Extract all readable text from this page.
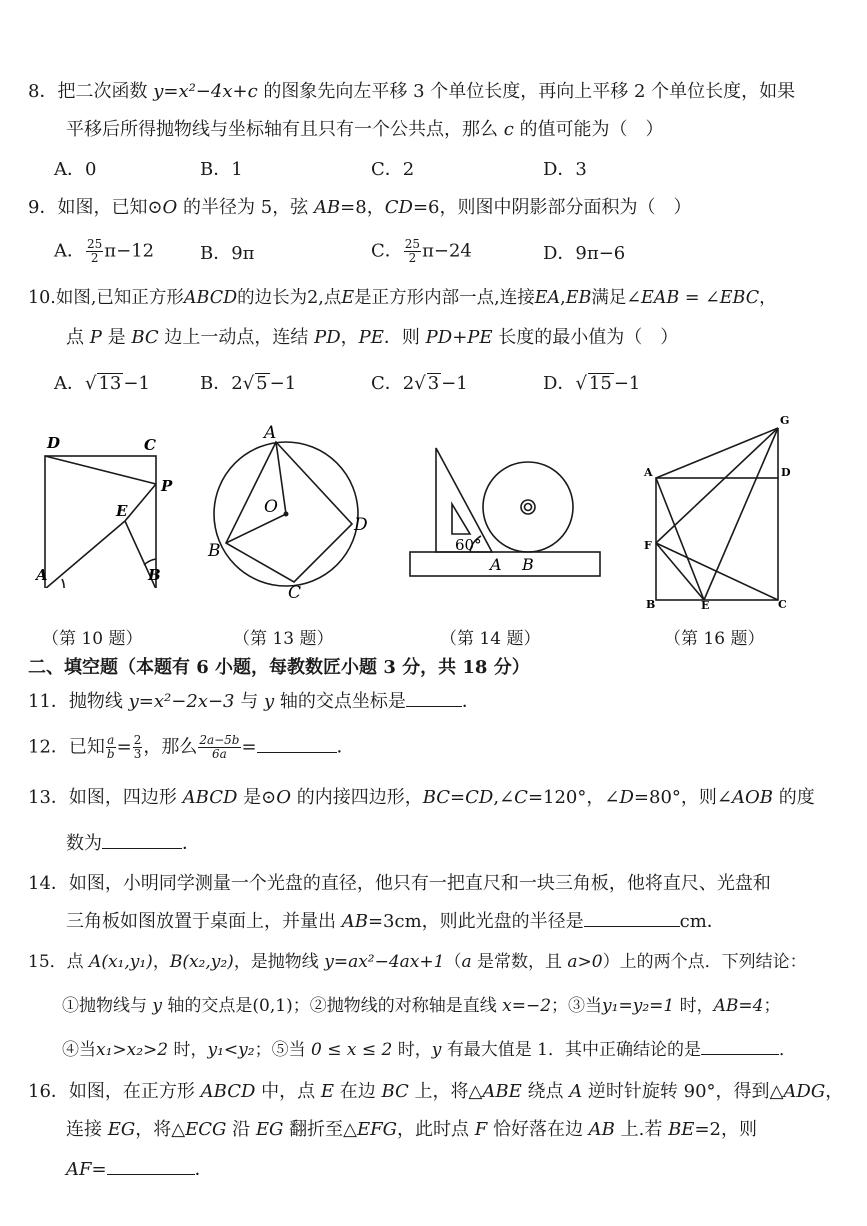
8．把二次函数 y=x²−4x+c 的图象先向左平移 3 个单位长度，再向上平移 2 个单位长度，如果
平移后所得抛物线与坐标轴有且只有一个公共点，那么 c 的值可能为（　）
A．0	B．1	C．2	D．3
9．如图，已知⊙O 的半径为 5，弦 AB=8，CD=6，则图中阴影部分面积为（　）
A． $\frac{25}{2} \pi-12$	B．9π	C． $\frac{25}{2} \pi-24$	D．9π−6
10.如图,已知正方形ABCD的边长为2,点E是正方形内部一点,连接EA,EB满足∠EAB = ∠EBC，
点 P 是 BC 边上一动点，连结 PD，PE．则 PD+PE 长度的最小值为（　）
A．√ 13 −1	B．2√ 5 −1	C．2√ 3 −1	D．√ 15 −1
D	C
P
E
A	B
（第 10 题）
A
O
B
D
C
（第 13 题）
60°
A B
（第 14 题）
G
A	D
F
B	E	C
（第 16 题）
二、填空题（本题有 6 小题，每教数匠小题 3 分，共 18 分）
11．抛物线 y=x²−2x−3 与 y 轴的交点坐标是	．
12．已知 $\frac{a}{b} = \frac{2}{3}$ ，那么 $\frac{2a-5b}{6a}$ =	．
13．如图，四边形 ABCD 是⊙O 的内接四边形，BC=CD,∠C=120°，∠D=80°，则∠AOB 的度
数为	．
14．如图，小明同学测量一个光盘的直径，他只有一把直尺和一块三角板，他将直尺、光盘和
三角板如图放置于桌面上，并量出 AB=3cm，则此光盘的半径是	cm．
15．点 A(x₁,y₁)，B(x₂,y₂)，是抛物线 y=ax²−4ax+1（a 是常数，且 a>0）上的两个点．下列结论：
①抛物线与 y 轴的交点是(0,1)；②抛物线的对称轴是直线 x=−2；③当y₁=y₂=1 时，AB=4；
④当x₁>x₂>2 时，y₁<y₂；⑤当 0 ≤ x ≤ 2 时，y 有最大值是 1．其中正确结论的是	．
16．如图，在正方形 ABCD 中，点 E 在边 BC 上，将△ABE 绕点 A 逆时针旋转 90°，得到△ADG，
连接 EG，将△ECG 沿 EG 翻折至△EFG，此时点 F 恰好落在边 AB 上.若 BE=2，则
AF=	．
